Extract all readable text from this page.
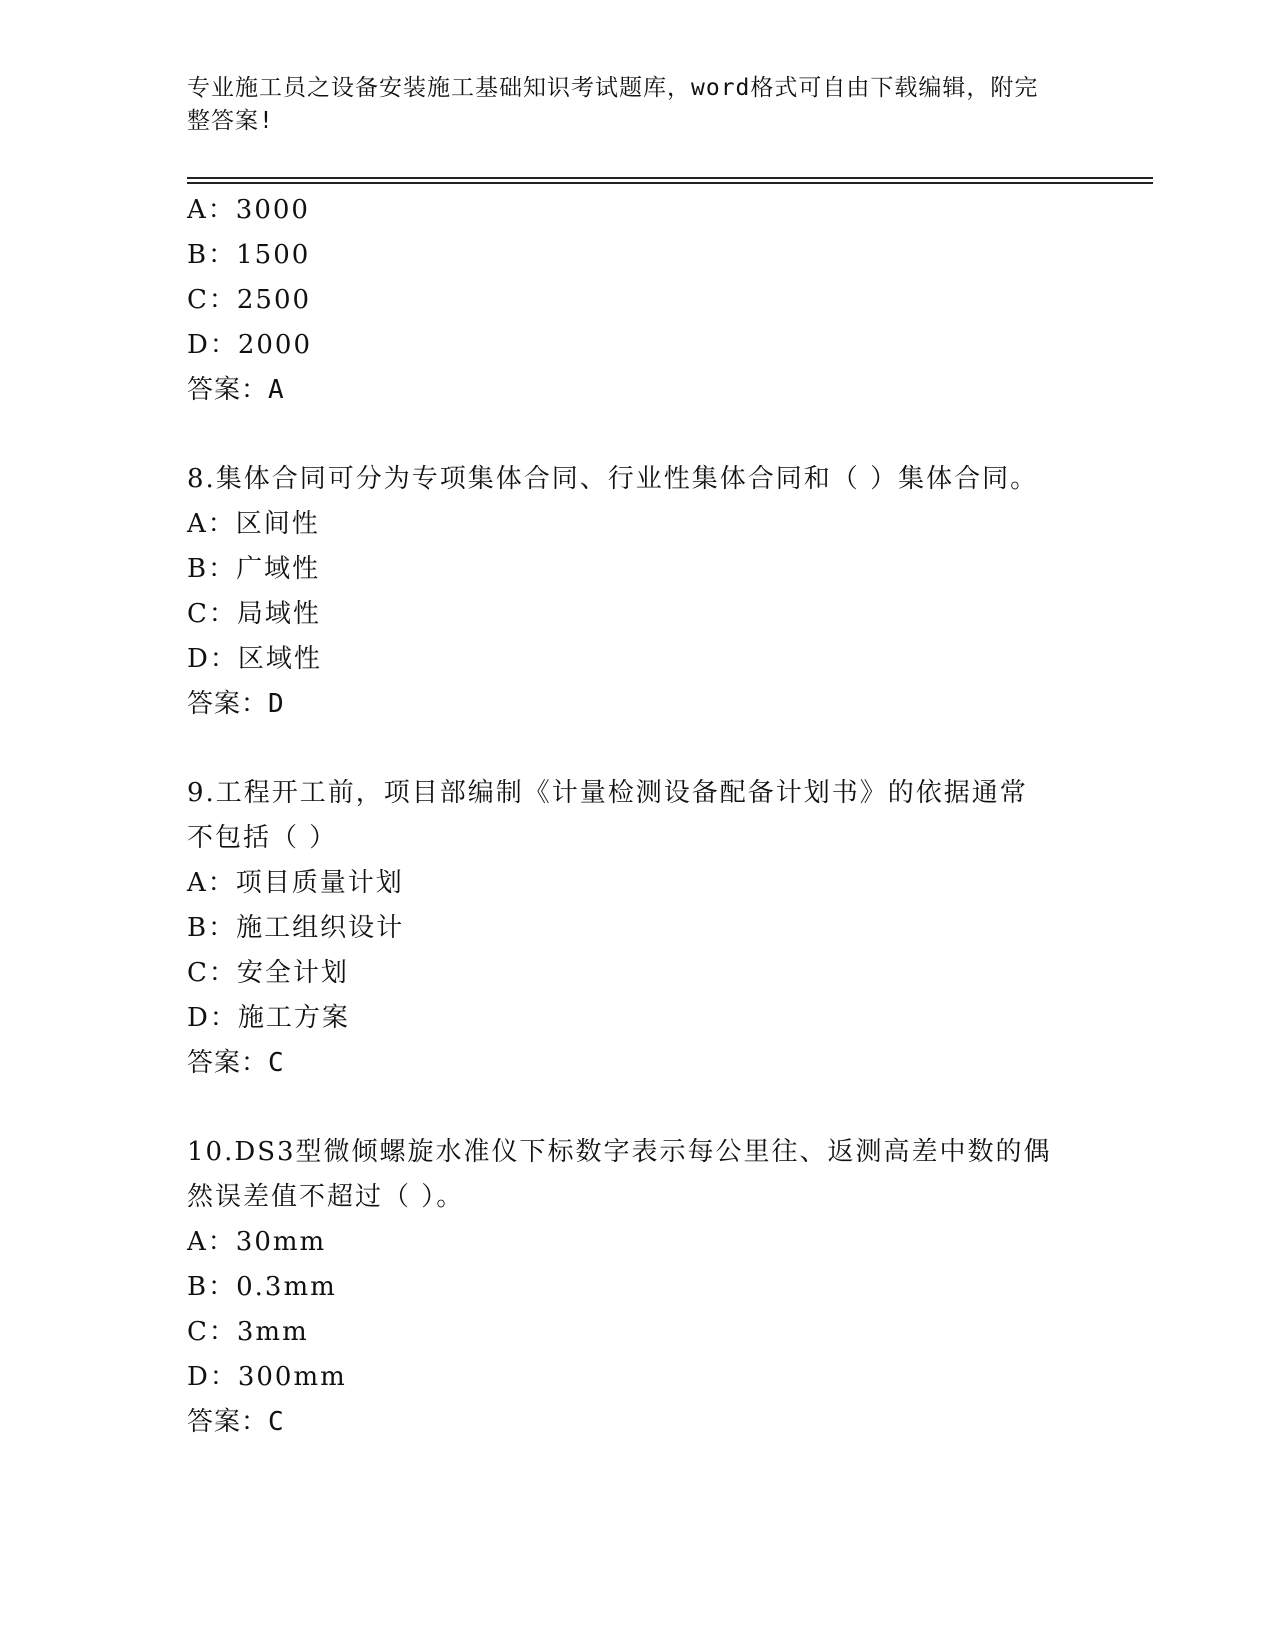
专业施工员之设备安装施工基础知识考试题库，word格式可自由下载编辑，附完
整答案!
A：3000
B：1500
C：2500
D：2000
答案：A
8.集体合同可分为专项集体合同、行业性集体合同和（ ）集体合同。
A：区间性
B：广域性
C：局域性
D：区域性
答案：D
9.工程开工前，项目部编制《计量检测设备配备计划书》的依据通常
不包括（ ）
A：项目质量计划
B：施工组织设计
C：安全计划
D：施工方案
答案：C
10.DS3型微倾螺旋水准仪下标数字表示每公里往、返测高差中数的偶
然误差值不超过（ ）。
A：30mm
B：0.3mm
C：3mm
D：300mm
答案：C
